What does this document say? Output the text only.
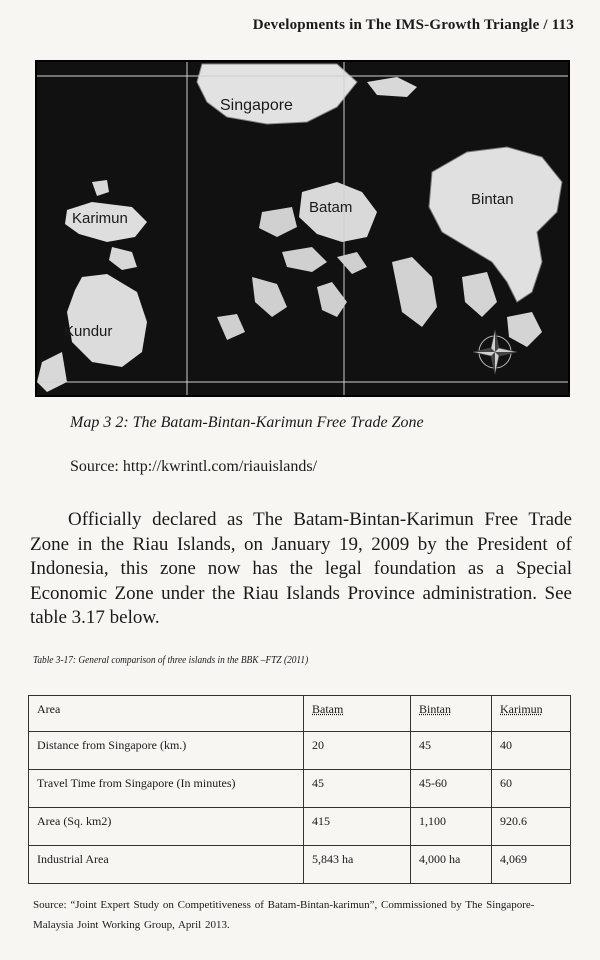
Developments in The IMS-Growth Triangle / 113
Singapore
Batam	Bintan
Karimun
Kundur
Map 3 2: The Batam-Bintan-Karimun Free Trade Zone
Source: http://kwrintl.com/riauislands/
Officially declared as The Batam-Bintan-Karimun Free Trade Zone in the Riau Islands, on January 19, 2009 by the President of Indonesia, this zone now has the legal foundation as a Special Economic Zone under the Riau Islands Province administration. See table 3.17 below.
Table 3-17: General comparison of three islands in the BBK –FTZ (2011)
Area	Batam	Bintan	Karimun
Distance from Singapore (km.)	20	45	40
Travel Time from Singapore (In minutes)	45	45-60	60
Area (Sq. km2)	415	1,100	920.6
Industrial Area	5,843 ha	4,000 ha	4,069
Source: “Joint Expert Study on Competitiveness of Batam-Bintan-karimun”, Commissioned by The Singapore-
Malaysia Joint Working Group, April 2013.
